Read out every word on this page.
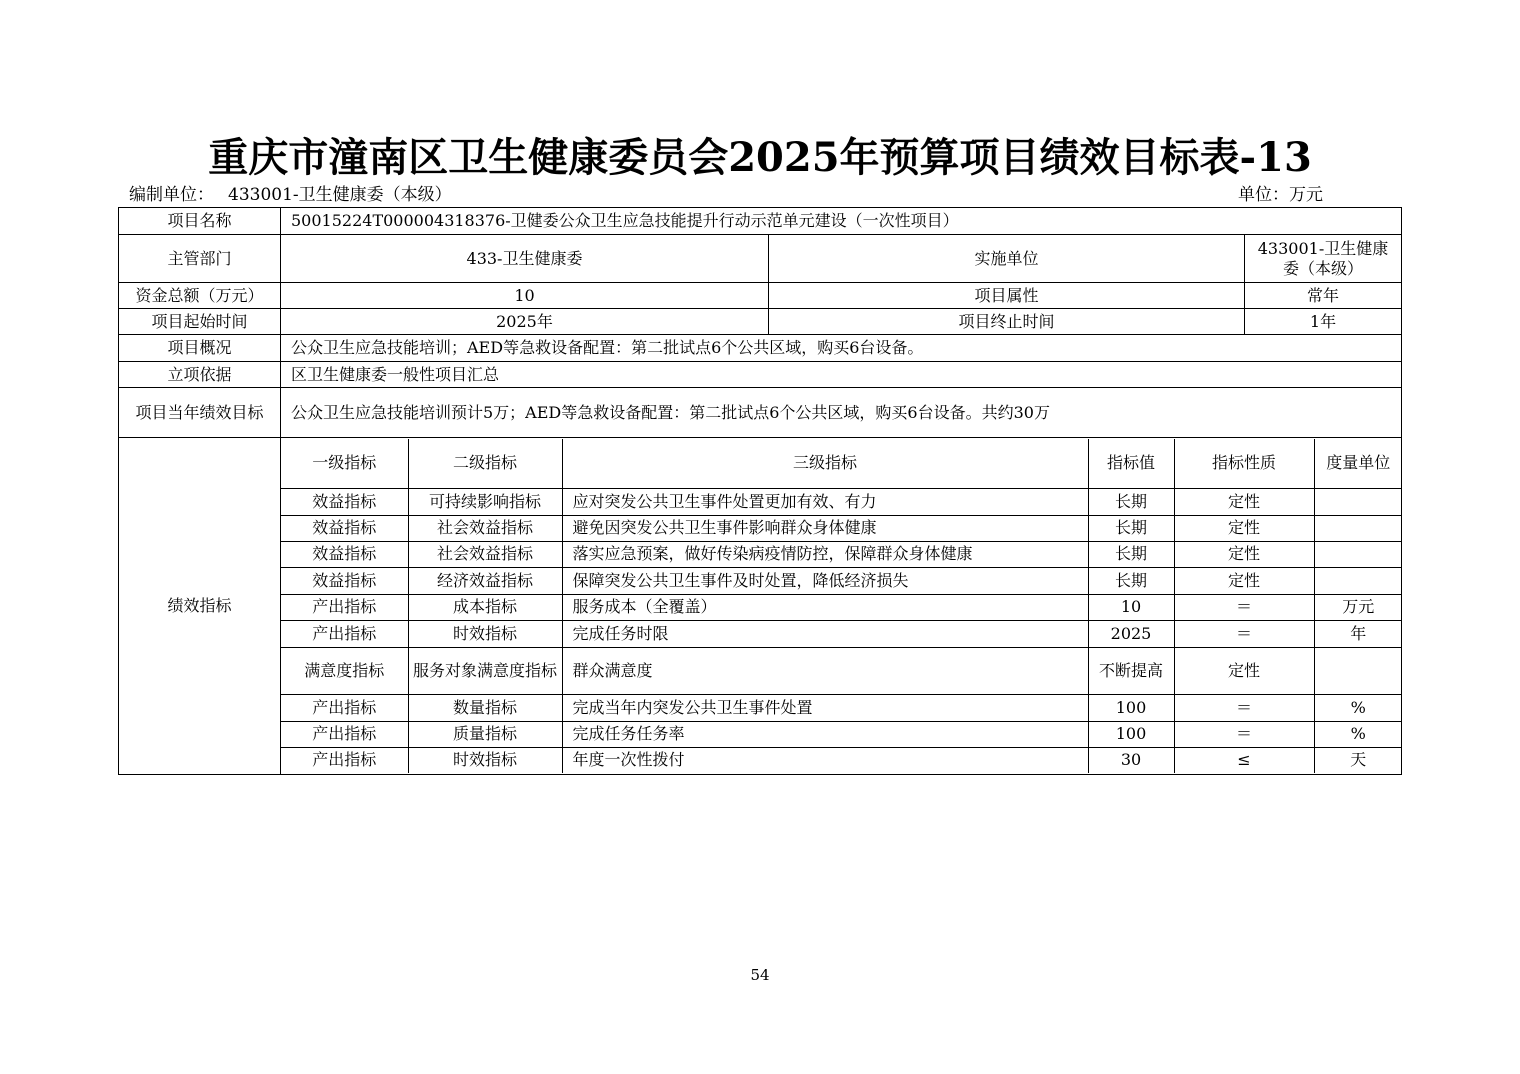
重庆市潼南区卫生健康委员会2025年预算项目绩效目标表-13
编制单位： 433001-卫生健康委（本级）	单位：万元
项目名称	50015224T000004318376-卫健委公众卫生应急技能提升行动示范单元建设（一次性项目）
主管部门	433-卫生健康委	实施单位	433001-卫生健康委（本级）
资金总额（万元）	10	项目属性	常年
项目起始时间	2025年	项目终止时间	1年
项目概况	公众卫生应急技能培训；AED等急救设备配置：第二批试点6个公共区域，购买6台设备。
立项依据	区卫生健康委一般性项目汇总
项目当年绩效目标	公众卫生应急技能培训预计5万；AED等急救设备配置：第二批试点6个公共区域，购买6台设备。共约30万
绩效指标	
一级指标	二级指标	三级指标	指标值	指标性质	度量单位
效益指标	可持续影响指标	应对突发公共卫生事件处置更加有效、有力	长期	定性	
效益指标	社会效益指标	避免因突发公共卫生事件影响群众身体健康	长期	定性	
效益指标	社会效益指标	落实应急预案，做好传染病疫情防控，保障群众身体健康	长期	定性	
效益指标	经济效益指标	保障突发公共卫生事件及时处置，降低经济损失	长期	定性	
产出指标	成本指标	服务成本（全覆盖）	10	＝	万元
产出指标	时效指标	完成任务时限	2025	＝	年
满意度指标	服务对象满意度指标	群众满意度	不断提高	定性	
产出指标	数量指标	完成当年内突发公共卫生事件处置	100	＝	%
产出指标	质量指标	完成任务任务率	100	＝	%
产出指标	时效指标	年度一次性拨付	30	≤	天
54
